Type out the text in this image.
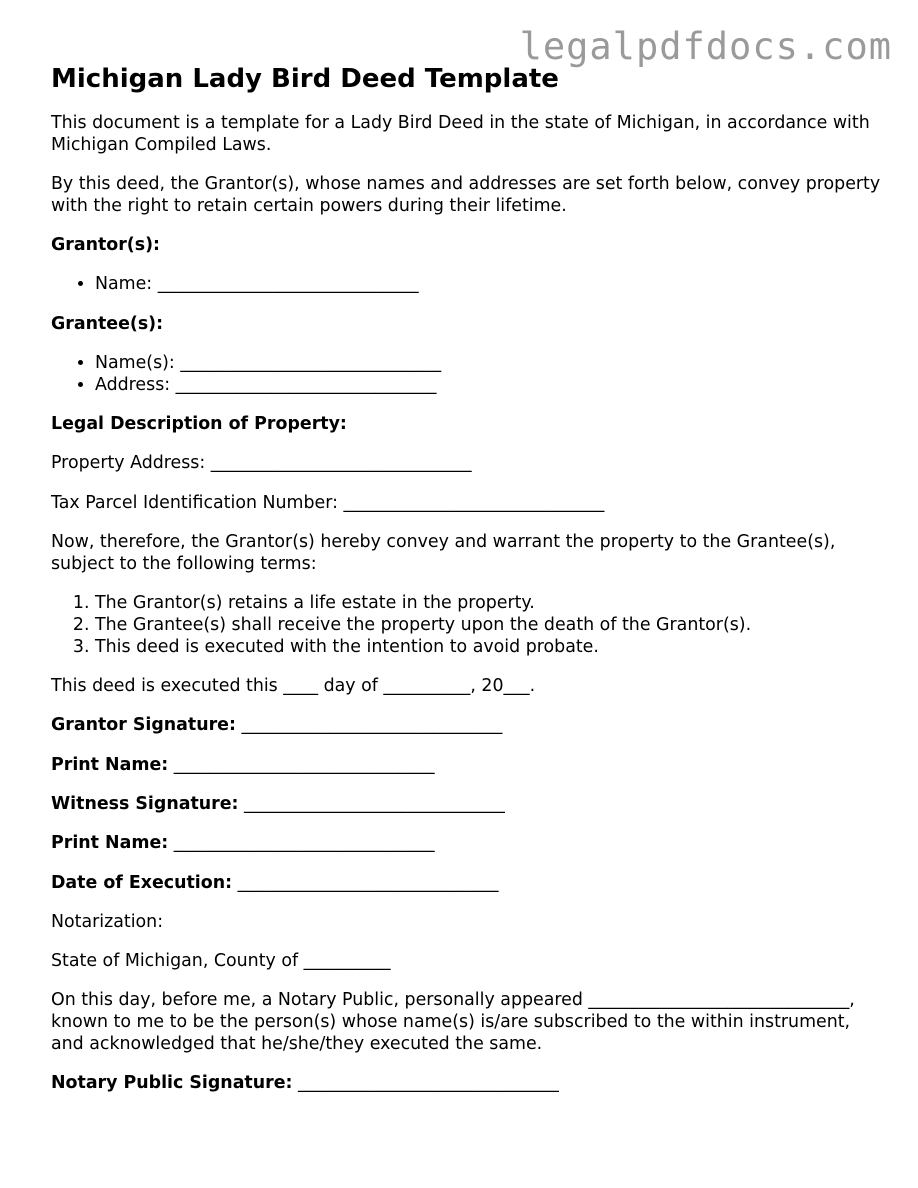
legalpdfdocs.com
Michigan Lady Bird Deed Template

This document is a template for a Lady Bird Deed in the state of Michigan, in accordance with Michigan Compiled Laws.

By this deed, the Grantor(s), whose names and addresses are set forth below, convey property with the right to retain certain powers during their lifetime.

Grantor(s):

• Name: ______________________________

Grantee(s):

• Name(s): ______________________________
• Address: ______________________________

Legal Description of Property:

Property Address: ______________________________

Tax Parcel Identification Number: ______________________________

Now, therefore, the Grantor(s) hereby convey and warrant the property to the Grantee(s), subject to the following terms:

1. The Grantor(s) retains a life estate in the property.
2. The Grantee(s) shall receive the property upon the death of the Grantor(s).
3. This deed is executed with the intention to avoid probate.

This deed is executed this ____ day of __________, 20___.

Grantor Signature: ______________________________

Print Name: ______________________________

Witness Signature: ______________________________

Print Name: ______________________________

Date of Execution: ______________________________

Notarization:

State of Michigan, County of __________

On this day, before me, a Notary Public, personally appeared ______________________________, known to me to be the person(s) whose name(s) is/are subscribed to the within instrument, and acknowledged that he/she/they executed the same.

Notary Public Signature: ______________________________
